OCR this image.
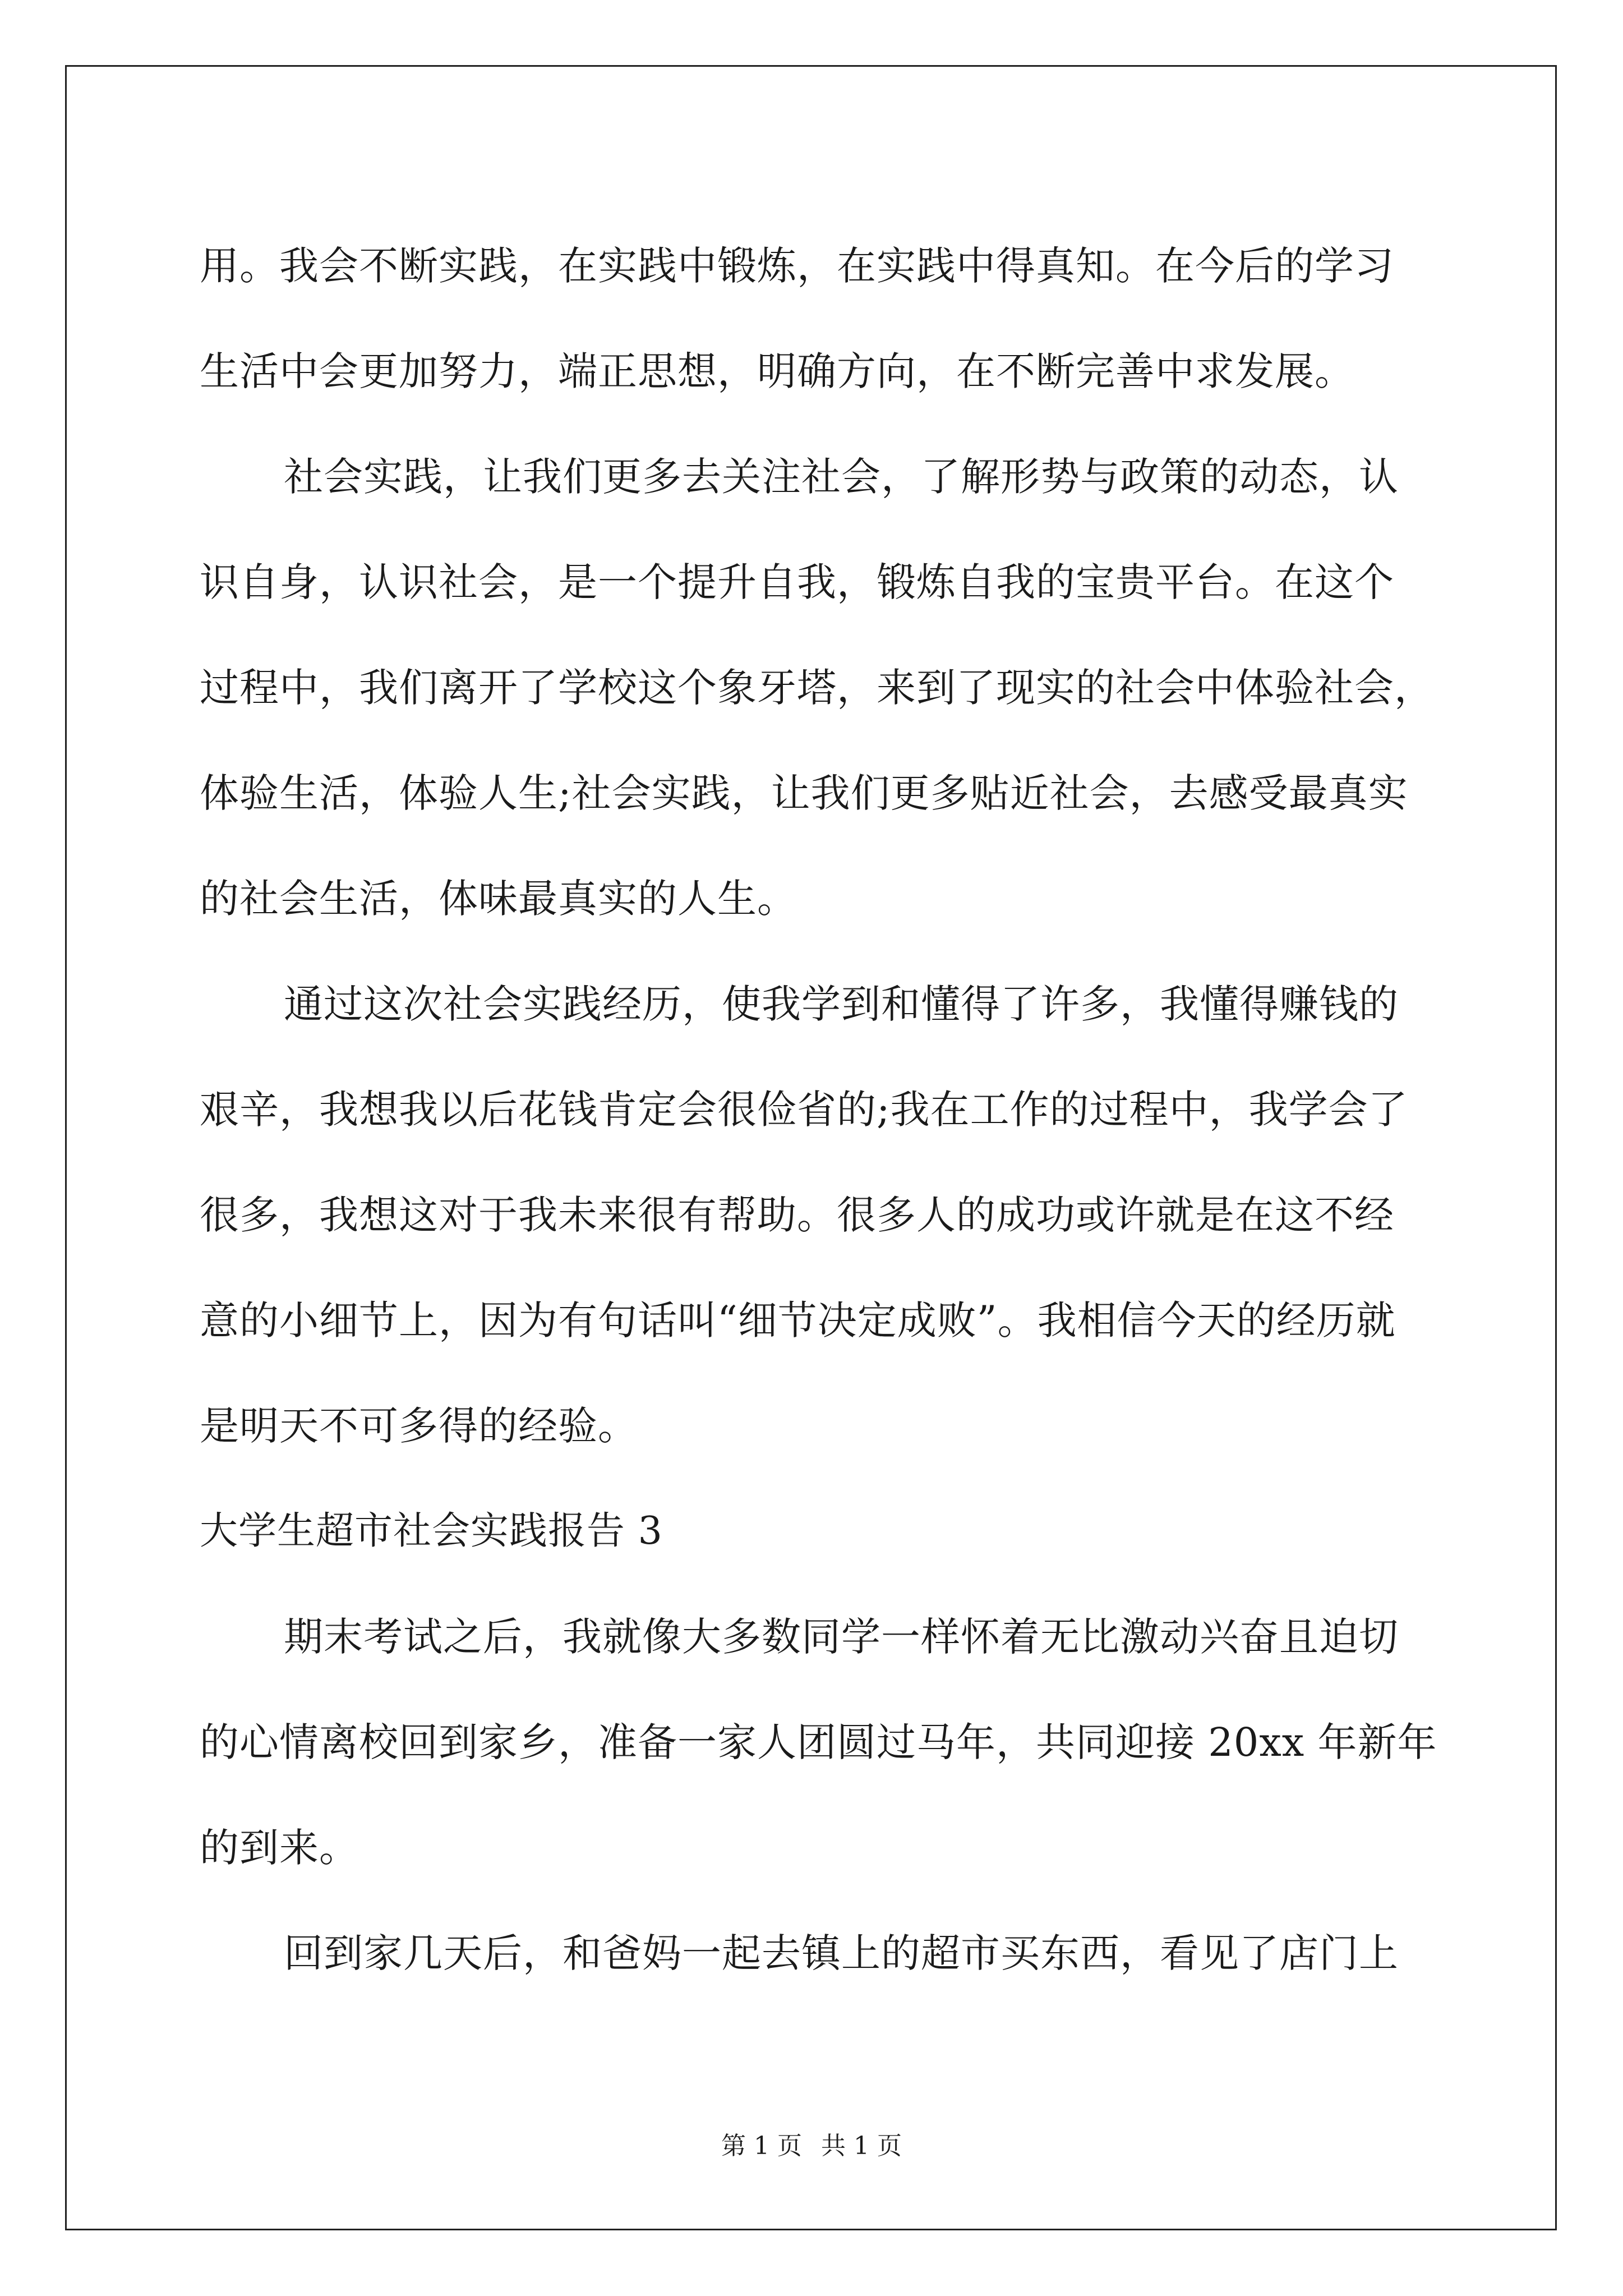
用。我会不断实践，在实践中锻炼，在实践中得真知。在今后的学习
生活中会更加努力，端正思想，明确方向，在不断完善中求发展。
社会实践，让我们更多去关注社会，了解形势与政策的动态，认
识自身，认识社会，是一个提升自我，锻炼自我的宝贵平台。在这个
过程中，我们离开了学校这个象牙塔，来到了现实的社会中体验社会，
体验生活，体验人生;社会实践，让我们更多贴近社会，去感受最真实
的社会生活，体味最真实的人生。
通过这次社会实践经历，使我学到和懂得了许多，我懂得赚钱的
艰辛，我想我以后花钱肯定会很俭省的;我在工作的过程中，我学会了
很多，我想这对于我未来很有帮助。很多人的成功或许就是在这不经
意的小细节上，因为有句话叫“细节决定成败”。我相信今天的经历就
是明天不可多得的经验。
大学生超市社会实践报告 3
期末考试之后，我就像大多数同学一样怀着无比激动兴奋且迫切
的心情离校回到家乡，准备一家人团圆过马年，共同迎接 20xx 年新年
的到来。
回到家几天后，和爸妈一起去镇上的超市买东西，看见了店门上
第 1 页 共 1 页
